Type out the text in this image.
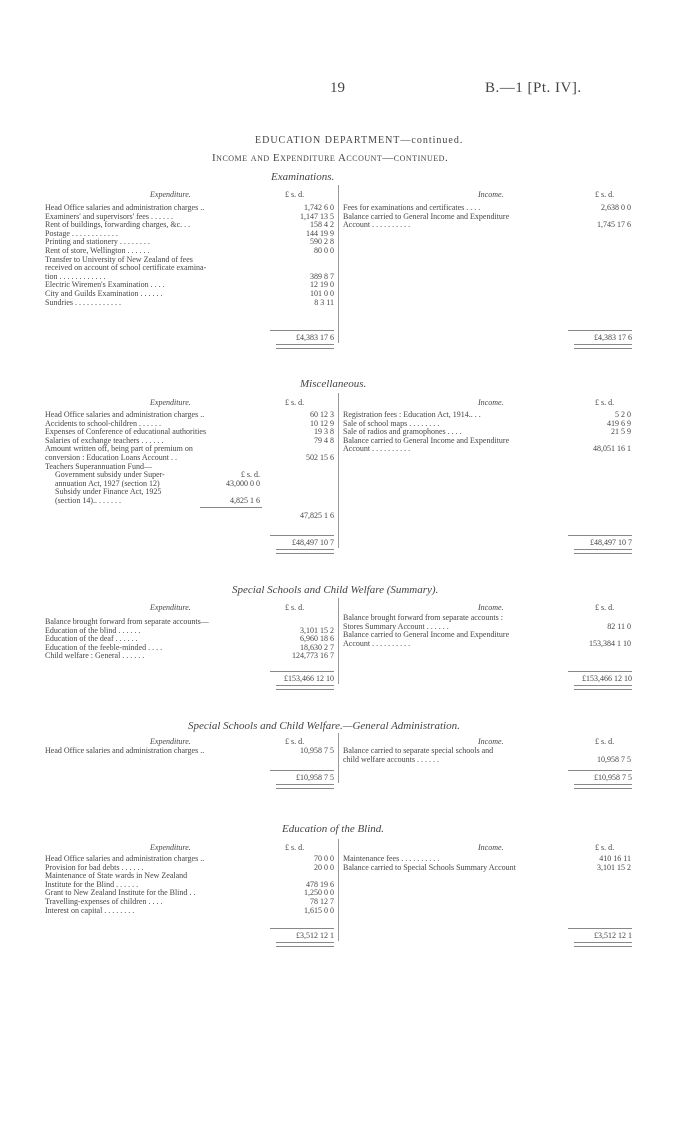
19	B.—1 [Pt. IV].
EDUCATION DEPARTMENT—continued.
Income and Expenditure Account—continued.
Examinations.
Expenditure.	£ s. d.	Income.	£ s. d.
Head Office salaries and administration charges ..	1,742 6 0
Examiners' and supervisors' fees . . . . . .	1,147 13 5
Rent of buildings, forwarding charges, &c. . .	158 4 2
Postage . . . . . . . . . . . .	144 19 9
Printing and stationery . . . . . . . .	590 2 8
Rent of store, Wellington . . . . . .	80 0 0
Transfer to University of New Zealand of fees
received on account of school certificate examina-
tion . . . . . . . . . . . .	389 8 7
Electric Wiremen's Examination . . . .	12 19 0
City and Guilds Examination . . . . . .	101 0 0
Sundries . . . . . . . . . . . .	8 3 11
£4,383 17 6
Fees for examinations and certificates . . . .	2,638 0 0
Balance carried to General Income and Expenditure
Account . . . . . . . . . .	1,745 17 6
£4,383 17 6
Miscellaneous.
Expenditure.	£ s. d.	Income.	£ s. d.
Head Office salaries and administration charges ..	60 12 3
Accidents to school-children . . . . . .	10 12 9
Expenses of Conference of educational authorities	19 3 8
Salaries of exchange teachers . . . . . .	79 4 8
Amount written off, being part of premium on
conversion : Education Loans Account . .	502 15 6
Teachers Superannuation Fund—
Government subsidy under Super-	£ s. d.
annuation Act, 1927 (section 12)	43,000 0 0
Subsidy under Finance Act, 1925
(section 14).. . . . . . .	4,825 1 6
47,825 1 6
£48,497 10 7
Registration fees : Education Act, 1914.. . .	5 2 0
Sale of school maps . . . . . . . .	419 6 9
Sale of radios and gramophones . . . .	21 5 9
Balance carried to General Income and Expenditure
Account . . . . . . . . . .	48,051 16 1
£48,497 10 7
Special Schools and Child Welfare (Summary).
Expenditure.	£ s. d.	Income.	£ s. d.
Balance brought forward from separate accounts—
Education of the blind . . . . . .	3,101 15 2
Education of the deaf . . . . . .	6,960 18 6
Education of the feeble-minded . . . .	18,630 2 7
Child welfare : General . . . . . .	124,773 16 7
£153,466 12 10
Balance brought forward from separate accounts :
Stores Summary Account . . . . . .	82 11 0
Balance carried to General Income and Expenditure
Account . . . . . . . . . .	153,384 1 10
£153,466 12 10
Special Schools and Child Welfare.—General Administration.
Expenditure.	£ s. d.	Income.	£ s. d.
Head Office salaries and administration charges ..	10,958 7 5
£10,958 7 5
Balance carried to separate special schools and
child welfare accounts . . . . . .	10,958 7 5
£10,958 7 5
Education of the Blind.
Expenditure.	£ s. d.	Income.	£ s. d.
Head Office salaries and administration charges ..	70 0 0
Provision for bad debts . . . . . .	20 0 0
Maintenance of State wards in New Zealand
Institute for the Blind . . . . . .	478 19 6
Grant to New Zealand Institute for the Blind . .	1,250 0 0
Travelling-expenses of children . . . .	78 12 7
Interest on capital . . . . . . . .	1,615 0 0
£3,512 12 1
Maintenance fees . . . . . . . . . .	410 16 11
Balance carried to Special Schools Summary Account	3,101 15 2
£3,512 12 1
